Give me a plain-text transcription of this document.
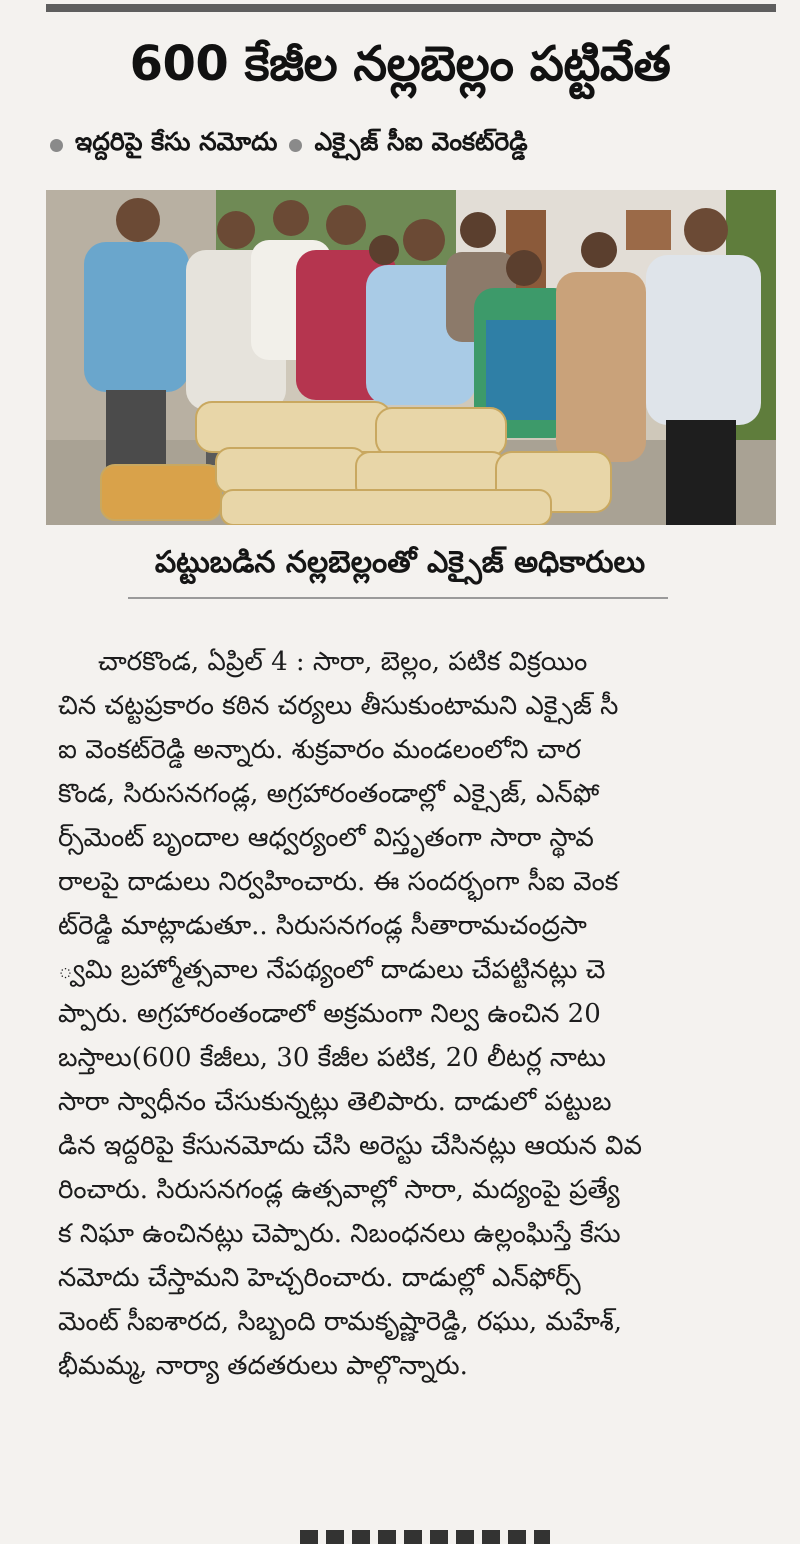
600 కేజీల నల్లబెల్లం పట్టివేత
ఇద్దరిపై కేసు నమోదు ఎక్సైజ్ సీఐ వెంకట్‌రెడ్డి
పట్టుబడిన నల్లబెల్లంతో ఎక్సైజ్ అధికారులు

చారకొండ, ఏప్రిల్ 4 : సారా, బెల్లం, పటిక విక్రయిం

చిన చట్టప్రకారం కఠిన చర్యలు తీసుకుంటామని ఎక్సైజ్ సీ

ఐ వెంకట్‌రెడ్డి అన్నారు. శుక్రవారం మండలంలోని చార

కొండ, సిరుసనగండ్ల, అగ్రహారంతండాల్లో ఎక్సైజ్, ఎన్‌ఫో

ర్స్‌మెంట్ బృందాల ఆధ్వర్యంలో విస్తృతంగా సారా స్థావ

రాలపై దాడులు నిర్వహించారు. ఈ సందర్భంగా సీఐ వెంక

ట్‌రెడ్డి మాట్లాడుతూ.. సిరుసనగండ్ల సీతారామచంద్రసా

్వమి బ్రహ్మోత్సవాల నేపథ్యంలో దాడులు చేపట్టినట్లు చె

ప్పారు. అగ్రహారంతండాలో అక్రమంగా నిల్వ ఉంచిన 20

బస్తాలు(600 కేజీలు, 30 కేజీల పటిక, 20 లీటర్ల నాటు

సారా స్వాధీనం చేసుకున్నట్లు తెలిపారు. దాడులో పట్టుబ

డిన ఇద్దరిపై కేసునమోదు చేసి అరెస్టు చేసినట్లు ఆయన వివ

రించారు. సిరుసనగండ్ల ఉత్సవాల్లో సారా, మద్యంపై ప్రత్యే

క నిఘా ఉంచినట్లు చెప్పారు. నిబంధనలు ఉల్లంఘిస్తే కేసు

నమోదు చేస్తామని హెచ్చరించారు. దాడుల్లో ఎన్‌ఫోర్స్

మెంట్ సీఐశారద, సిబ్బంది రామకృష్ణారెడ్డి, రఘు, మహేశ్,

భీమమ్మ, నార్యా తదతరులు పాల్గొన్నారు.
